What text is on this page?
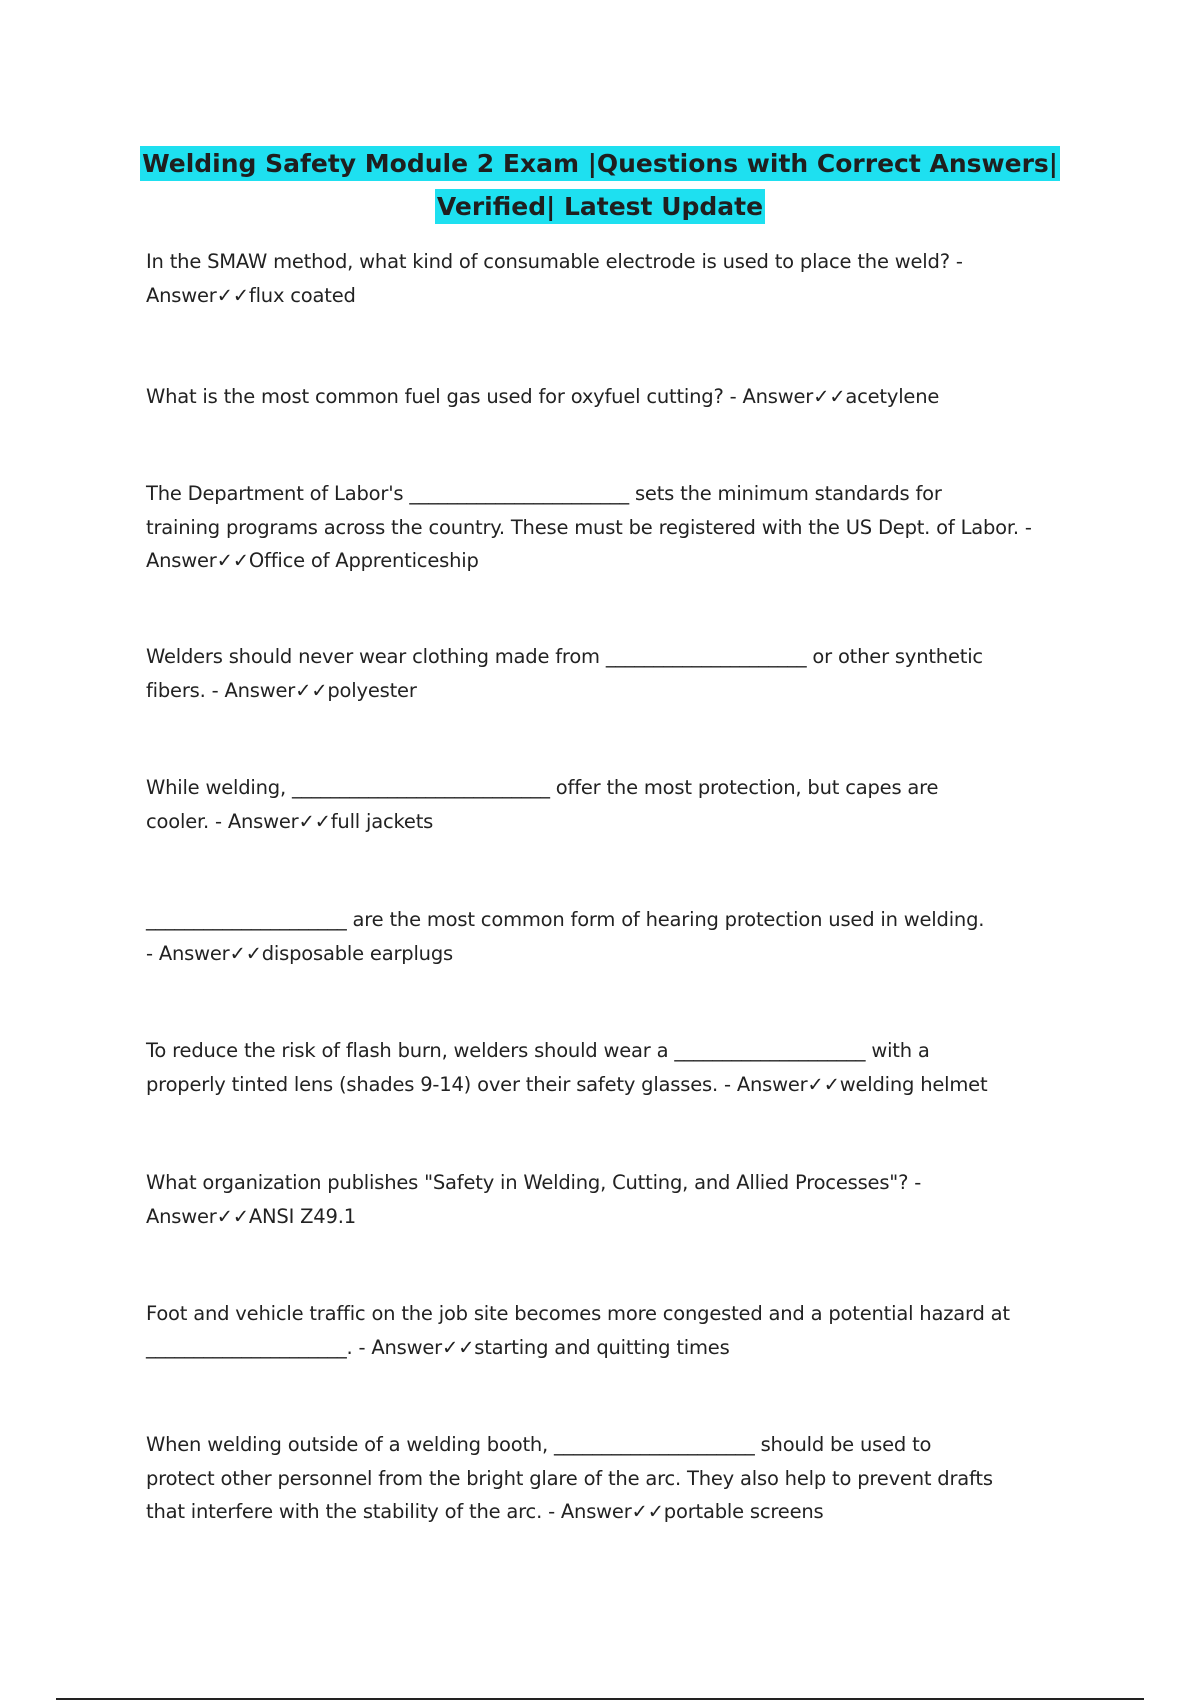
Welding Safety Module 2 Exam |Questions with Correct Answers|
Verified| Latest Update
In the SMAW method, what kind of consumable electrode is used to place the weld? -
Answer✓✓flux coated
What is the most common fuel gas used for oxyfuel cutting? - Answer✓✓acetylene
The Department of Labor's _______________________ sets the minimum standards for
training programs across the country. These must be registered with the US Dept. of Labor. -
Answer✓✓Office of Apprenticeship
Welders should never wear clothing made from _____________________ or other synthetic
fibers. - Answer✓✓polyester
While welding, ___________________________ offer the most protection, but capes are
cooler. - Answer✓✓full jackets
_____________________ are the most common form of hearing protection used in welding.
- Answer✓✓disposable earplugs
To reduce the risk of flash burn, welders should wear a ____________________ with a
properly tinted lens (shades 9-14) over their safety glasses. - Answer✓✓welding helmet
What organization publishes "Safety in Welding, Cutting, and Allied Processes"? -
Answer✓✓ANSI Z49.1
Foot and vehicle traffic on the job site becomes more congested and a potential hazard at
_____________________. - Answer✓✓starting and quitting times
When welding outside of a welding booth, _____________________ should be used to
protect other personnel from the bright glare of the arc. They also help to prevent drafts
that interfere with the stability of the arc. - Answer✓✓portable screens
